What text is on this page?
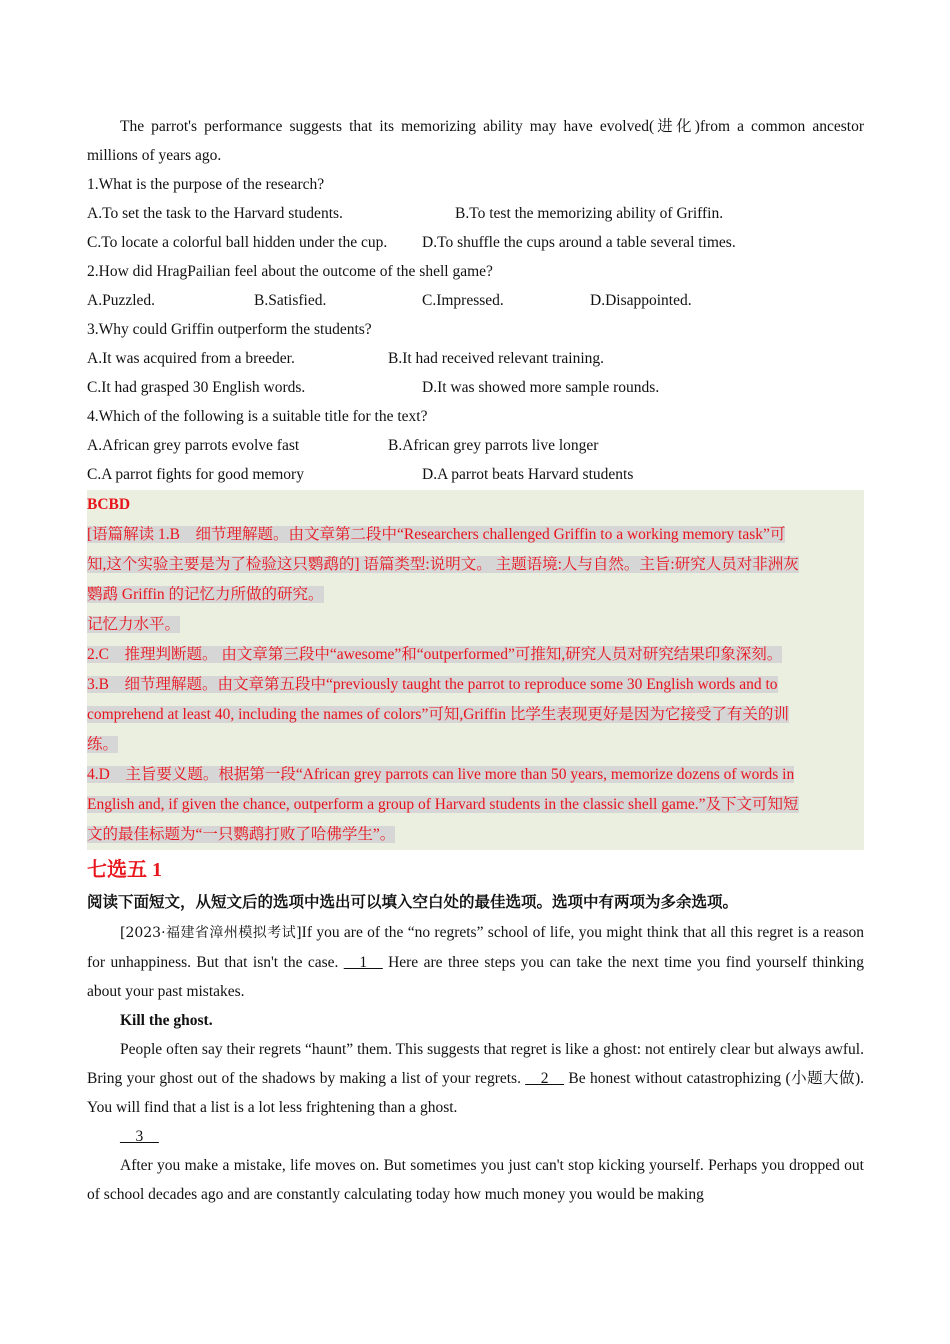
The parrot's performance suggests that its memorizing ability may have evolved(进化)from a common ancestor millions of years ago.
1.What is the purpose of the research?
A.To set the task to the Harvard students.	B.To test the memorizing ability of Griffin.
C.To locate a colorful ball hidden under the cup.	D.To shuffle the cups around a table several times.
2.How did HragPailian feel about the outcome of the shell game?
A.Puzzled.	B.Satisfied.	C.Impressed.	D.Disappointed.
3.Why could Griffin outperform the students?
A.It was acquired from a breeder.	B.It had received relevant training.
C.It had grasped 30 English words.	D.It was showed more sample rounds.
4.Which of the following is a suitable title for the text?
A.African grey parrots evolve fast	B.African grey parrots live longer
C.A parrot fights for good memory	D.A parrot beats Harvard students
BCBD
[语篇解读 1.B　细节理解题。由文章第二段中“Researchers challenged Griffin to a working memory task”可
知,这个实验主要是为了检验这只鹦鹉的] 语篇类型:说明文。 主题语境:人与自然。主旨:研究人员对非洲灰
鹦鹉 Griffin 的记忆力所做的研究。
记忆力水平。
2.C　推理判断题。 由文章第三段中“awesome”和“outperformed”可推知,研究人员对研究结果印象深刻。
3.B　细节理解题。由文章第五段中“previously taught the parrot to reproduce some 30 English words and to
comprehend at least 40, including the names of colors”可知,Griffin 比学生表现更好是因为它接受了有关的训
练。
4.D　主旨要义题。根据第一段“African grey parrots can live more than 50 years, memorize dozens of words in
English and, if given the chance, outperform a group of Harvard students in the classic shell game.”及下文可知短
文的最佳标题为“一只鹦鹉打败了哈佛学生”。
七选五 1
阅读下面短文，从短文后的选项中选出可以填入空白处的最佳选项。选项中有两项为多余选项。
[2023·福建省漳州模拟考试]If you are of the “no regrets” school of life, you might think that all this regret is a reason for unhappiness. But that isn't the case. __1__ Here are three steps you can take the next time you find yourself thinking about your past mistakes.
Kill the ghost.
People often say their regrets “haunt” them. This suggests that regret is like a ghost: not entirely clear but always awful. Bring your ghost out of the shadows by making a list of your regrets. __2__ Be honest without catastrophizing (小题大做). You will find that a list is a lot less frightening than a ghost.
__3__
After you make a mistake, life moves on. But sometimes you just can't stop kicking yourself. Perhaps you dropped out of school decades ago and are constantly calculating today how much money you would be making
